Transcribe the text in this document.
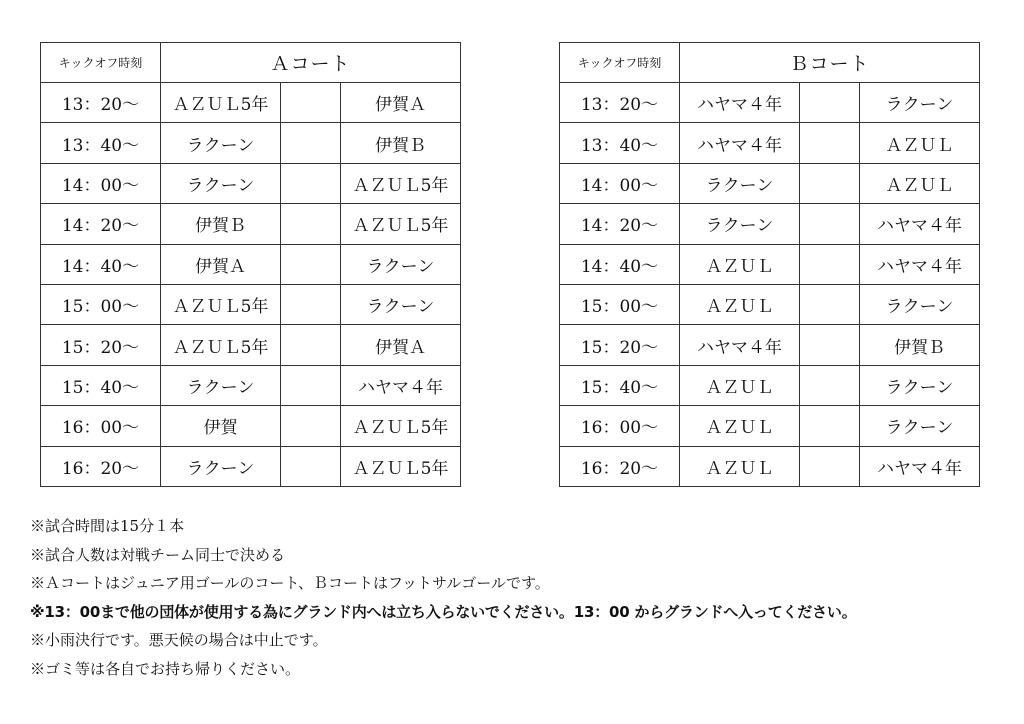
キックオフ時刻	Ａコート		
13：20〜	ＡＺＵＬ5年		伊賀Ａ
13：40〜	ラクーン		伊賀Ｂ
14：00〜	ラクーン		ＡＺＵＬ5年
14：20〜	伊賀Ｂ		ＡＺＵＬ5年
14：40〜	伊賀Ａ		ラクーン
15：00〜	ＡＺＵＬ5年		ラクーン
15：20〜	ＡＺＵＬ5年		伊賀Ａ
15：40〜	ラクーン		ハヤマ４年
16：00〜	伊賀		ＡＺＵＬ5年
16：20〜	ラクーン		ＡＺＵＬ5年
キックオフ時刻	Ｂコート		
13：20〜	ハヤマ４年		ラクーン
13：40〜	ハヤマ４年		ＡＺＵＬ
14：00〜	ラクーン		ＡＺＵＬ
14：20〜	ラクーン		ハヤマ４年
14：40〜	ＡＺＵＬ		ハヤマ４年
15：00〜	ＡＺＵＬ		ラクーン
15：20〜	ハヤマ４年		伊賀Ｂ
15：40〜	ＡＺＵＬ		ラクーン
16：00〜	ＡＺＵＬ		ラクーン
16：20〜	ＡＺＵＬ		ハヤマ４年
※試合時間は15分１本
※試合人数は対戦チーム同士で決める
※Ａコートはジュニア用ゴールのコート、Ｂコートはフットサルゴールです。
※13：00まで他の団体が使用する為にグランド内へは立ち入らないでください。13：00 からグランドへ入ってください。
※小雨決行です。悪天候の場合は中止です。
※ゴミ等は各自でお持ち帰りください。
